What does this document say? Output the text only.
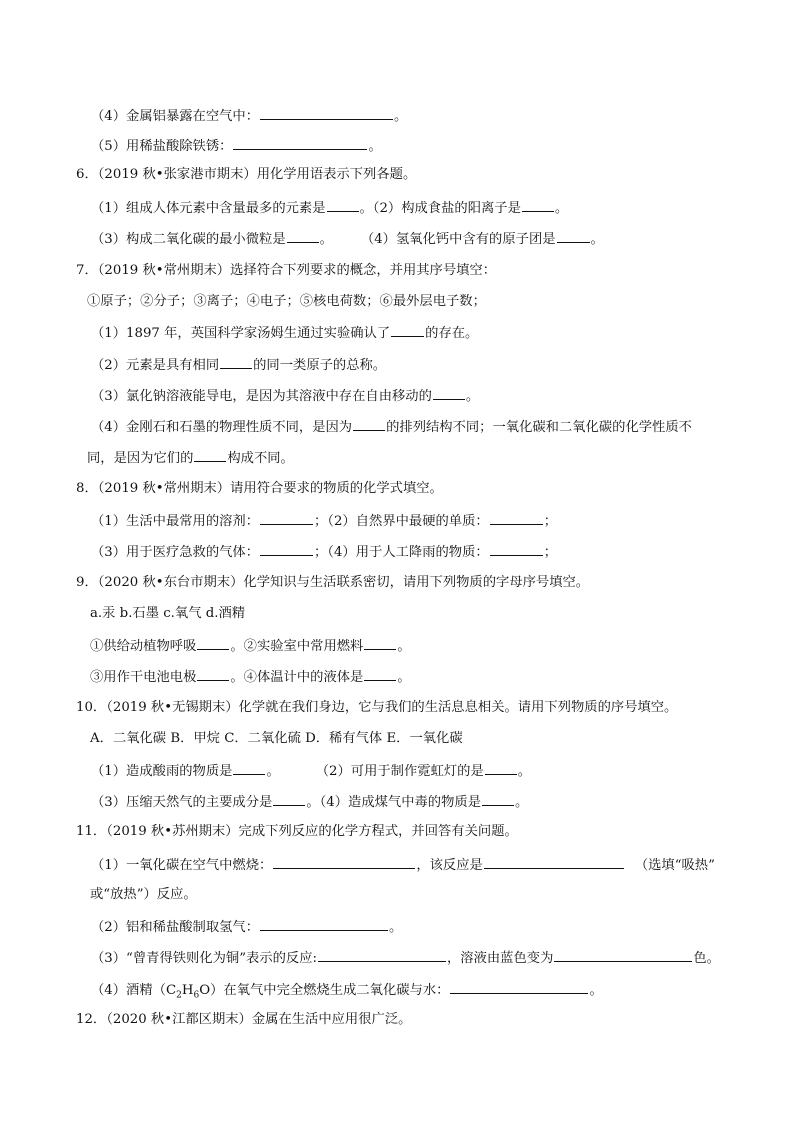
（4）金属铝暴露在空气中：	。
（5）用稀盐酸除铁锈：	。
6．（2019 秋•张家港市期末）用化学用语表示下列各题。
（1）组成人体元素中含量最多的元素是	。（2）构成食盐的阳离子是	。
（3）构成二氧化碳的最小微粒是	。 （4）氢氧化钙中含有的原子团是	。
7．（2019 秋•常州期末）选择符合下列要求的概念，并用其序号填空：
①原子；②分子；③离子；④电子；⑤核电荷数；⑥最外层电子数；
（1）1897 年，英国科学家汤姆生通过实验确认了	的存在。
（2）元素是具有相同	的同一类原子的总称。
（3）氯化钠溶液能导电，是因为其溶液中存在自由移动的	。
（4）金刚石和石墨的物理性质不同，是因为	的排列结构不同；一氧化碳和二氧化碳的化学性质不
同，是因为它们的	构成不同。
8．（2019 秋•常州期末）请用符合要求的物质的化学式填空。
（1）生活中最常用的溶剂：	；（2）自然界中最硬的单质：	；
（3）用于医疗急救的气体：	；（4）用于人工降雨的物质：	；
9．（2020 秋•东台市期末）化学知识与生活联系密切，请用下列物质的字母序号填空。
a.汞 b.石墨 c.氧气 d.酒精
①供给动植物呼吸	。②实验室中常用燃料	。
③用作干电池电极	。④体温计中的液体是	。
10．（2019 秋•无锡期末）化学就在我们身边，它与我们的生活息息相关。请用下列物质的序号填空。
A．二氧化碳 B．甲烷 C．二氧化硫 D．稀有气体 E．一氧化碳
（1）造成酸雨的物质是	。	（2）可用于制作霓虹灯的是	。
（3）压缩天然气的主要成分是	。（4）造成煤气中毒的物质是	。
11．（2019 秋•苏州期末）完成下列反应的化学方程式，并回答有关问题。
（1）一氧化碳在空气中燃烧：	，该反应是	（选填“吸热”
或“放热”）反应。
（2）铝和稀盐酸制取氢气：	。
（3）“曾青得铁则化为铜”表示的反应:	，溶液由蓝色变为	色。
（4）酒精$(C_2H_6O)$在氧气中完全燃烧生成二氧化碳与水：	。
12．（2020 秋•江都区期末）金属在生活中应用很广泛。
